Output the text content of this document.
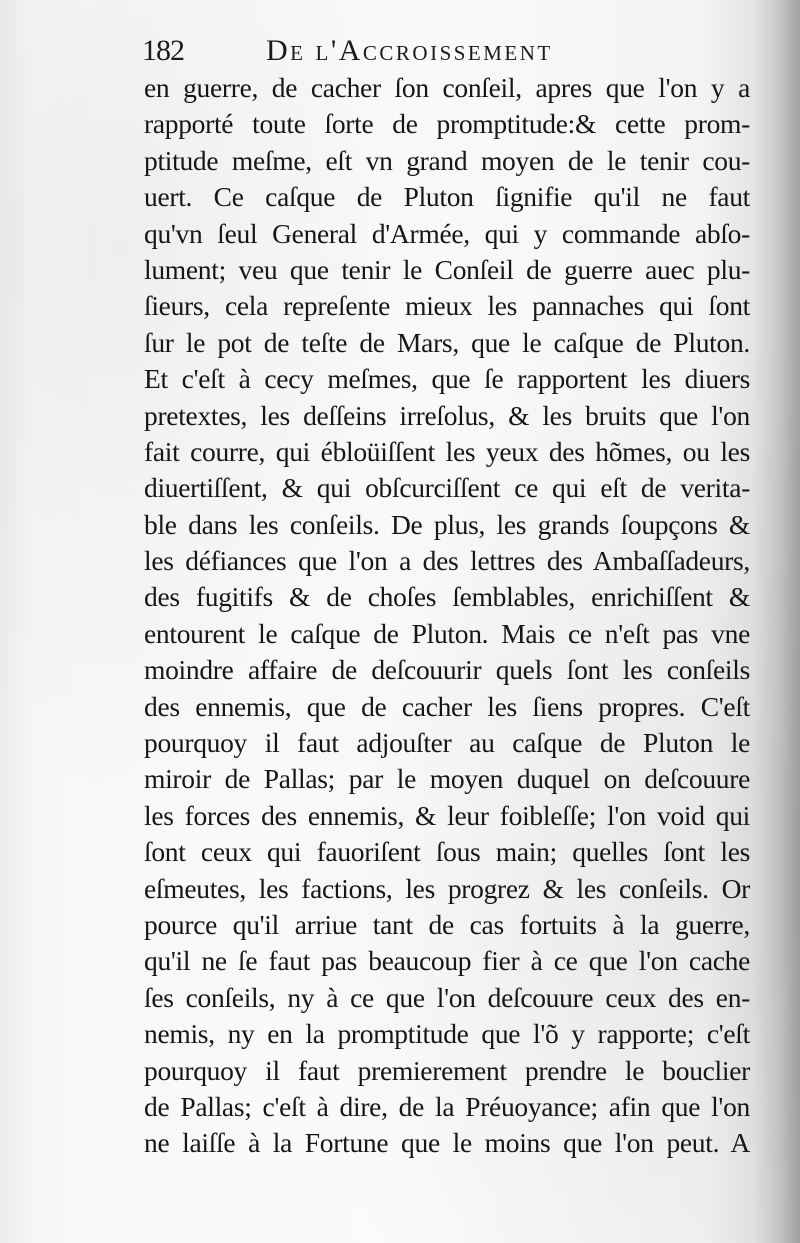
182	De l'Accroissement
en guerre, de cacher ſon conſeil, apres que l'on y a
rapporté toute ſorte de promptitude:& cette prom-
ptitude meſme, eſt vn grand moyen de le tenir cou-
uert. Ce caſque de Pluton ſignifie qu'il ne faut
qu'vn ſeul General d'Armée, qui y commande abſo-
lument; veu que tenir le Conſeil de guerre auec plu-
ſieurs, cela repreſente mieux les pannaches qui ſont
ſur le pot de teſte de Mars, que le caſque de Pluton.
Et c'eſt à cecy meſmes, que ſe rapportent les diuers
pretextes, les deſſeins irreſolus, & les bruits que l'on
fait courre, qui ébloüiſſent les yeux des hõmes, ou les
diuertiſſent, & qui obſcurciſſent ce qui eſt de verita-
ble dans les conſeils. De plus, les grands ſoupçons &
les défiances que l'on a des lettres des Ambaſſadeurs,
des fugitifs & de choſes ſemblables, enrichiſſent &
entourent le caſque de Pluton. Mais ce n'eſt pas vne
moindre affaire de deſcouurir quels ſont les conſeils
des ennemis, que de cacher les ſiens propres. C'eſt
pourquoy il faut adjouſter au caſque de Pluton le
miroir de Pallas; par le moyen duquel on deſcouure
les forces des ennemis, & leur foibleſſe; l'on void qui
ſont ceux qui fauoriſent ſous main; quelles ſont les
eſmeutes, les factions, les progrez & les conſeils. Or
pource qu'il arriue tant de cas fortuits à la guerre,
qu'il ne ſe faut pas beaucoup fier à ce que l'on cache
ſes conſeils, ny à ce que l'on deſcouure ceux des en-
nemis, ny en la promptitude que l'õ y rapporte; c'eſt
pourquoy il faut premierement prendre le bouclier
de Pallas; c'eſt à dire, de la Préuoyance; afin que l'on
ne laiſſe à la Fortune que le moins que l'on peut. A
